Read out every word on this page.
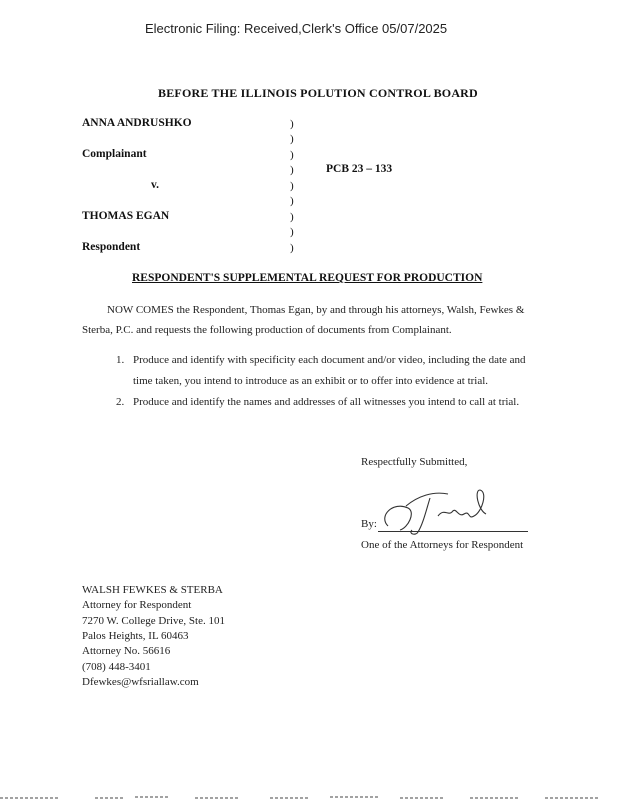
Electronic Filing: Received,Clerk's Office 05/07/2025
BEFORE THE ILLINOIS POLUTION CONTROL BOARD
ANNA ANDRUSHKO
Complainant
v.
THOMAS EGAN
Respondent
)
)
)
)
)
)
)
)
)
PCB 23 – 133
RESPONDENT'S SUPPLEMENTAL REQUEST FOR PRODUCTION
NOW COMES the Respondent, Thomas Egan, by and through his attorneys, Walsh, Fewkes & Sterba, P.C. and requests the following production of documents from Complainant.
1. Produce and identify with specificity each document and/or video, including the date and time taken, you intend to introduce as an exhibit or to offer into evidence at trial.
2. Produce and identify the names and addresses of all witnesses you intend to call at trial.
Respectfully Submitted,
By:
One of the Attorneys for Respondent
WALSH FEWKES & STERBA
Attorney for Respondent
7270 W. College Drive, Ste. 101
Palos Heights, IL 60463
Attorney No. 56616
(708) 448-3401
Dfewkes@wfsriallaw.com
